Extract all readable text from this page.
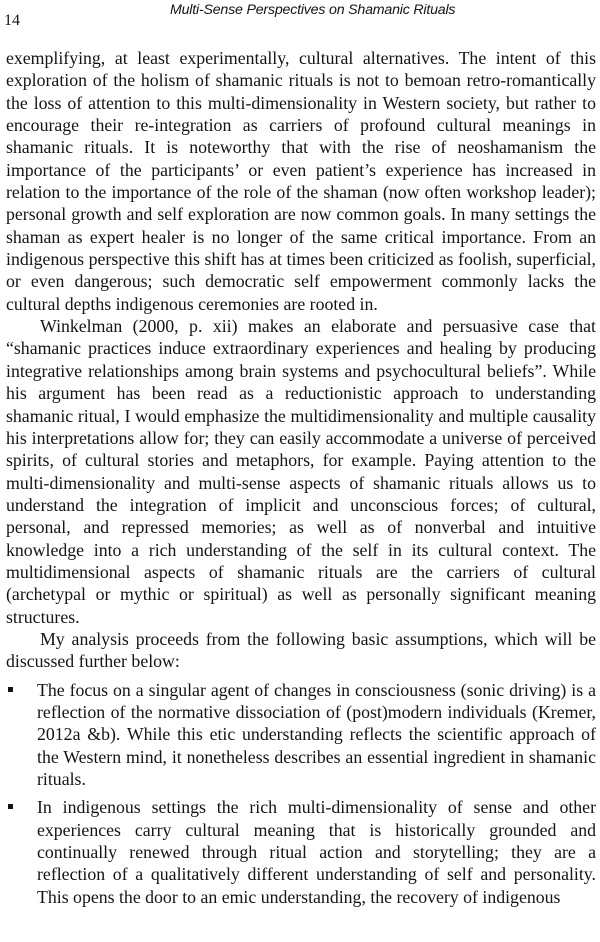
14
Multi-Sense Perspectives on Shamanic Rituals

exemplifying, at least experimentally, cultural alternatives. The intent of this exploration of the holism of shamanic rituals is not to bemoan retro-romantically the loss of attention to this multi-dimensionality in Western society, but rather to encourage their re-integration as carriers of profound cultural meanings in shamanic rituals. It is noteworthy that with the rise of neoshamanism the importance of the participants’ or even patient’s experience has increased in relation to the importance of the role of the shaman (now often workshop leader); personal growth and self exploration are now common goals. In many settings the shaman as expert healer is no longer of the same critical importance. From an indigenous perspective this shift has at times been criticized as foolish, superficial, or even dangerous; such democratic self empowerment commonly lacks the cultural depths indigenous ceremonies are rooted in.

Winkelman (2000, p. xii) makes an elaborate and persuasive case that “shamanic practices induce extraordinary experiences and healing by producing integrative relationships among brain systems and psychocultural beliefs”. While his argument has been read as a reductionistic approach to understanding shamanic ritual, I would emphasize the multidimensionality and multiple causality his interpretations allow for; they can easily accommodate a universe of perceived spirits, of cultural stories and metaphors, for example. Paying attention to the multi-dimensionality and multi-sense aspects of shamanic rituals allows us to understand the integration of implicit and unconscious forces; of cultural, personal, and repressed memories; as well as of nonverbal and intuitive knowledge into a rich understanding of the self in its cultural context. The multidimensional aspects of shamanic rituals are the carriers of cultural (archetypal or mythic or spiritual) as well as personally significant meaning structures.

My analysis proceeds from the following basic assumptions, which will be discussed further below:

The focus on a singular agent of changes in consciousness (sonic driving) is a reflection of the normative dissociation of (post)modern individuals (Kremer, 2012a &b). While this etic understanding reflects the scientific approach of the Western mind, it nonetheless describes an essential ingredient in shamanic rituals.
In indigenous settings the rich multi-dimensionality of sense and other experiences carry cultural meaning that is historically grounded and continually renewed through ritual action and storytelling; they are a reflection of a qualitatively different understanding of self and personality. This opens the door to an emic understanding, the recovery of indigenous
